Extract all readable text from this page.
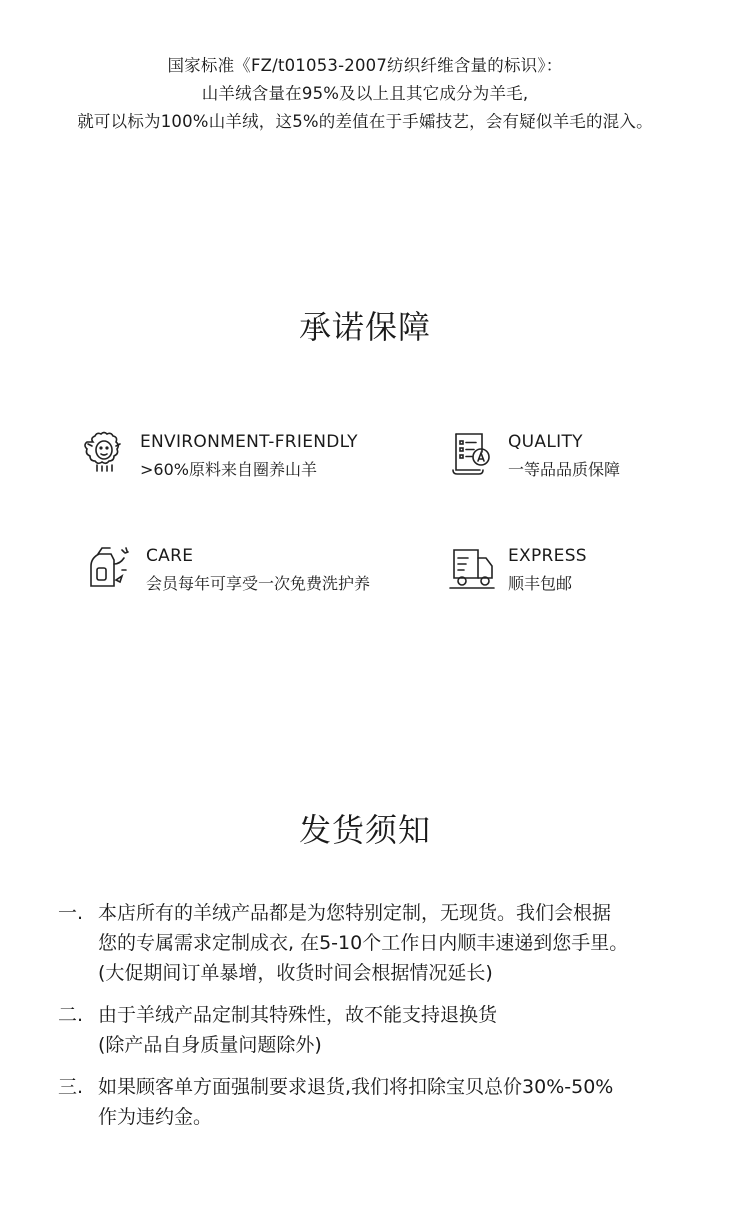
国家标准《FZ/t01053-2007纺织纤维含量的标识》：
山羊绒含量在95%及以上且其它成分为羊毛,
就可以标为100%山羊绒，这5%的差值在于手孀技艺，会有疑似羊毛的混入。
承诺保障
ENVIRONMENT-FRIENDLY
>60%原料来自圈养山羊
QUALITY
一等品品质保障
CARE
会员每年可享受一次免费洗护养
EXPRESS
顺丰包邮
发货须知
一. 本店所有的羊绒产品都是为您特别定制，无现货。我们会根据
您的专属需求定制成衣, 在5-10个工作日内顺丰速递到您手里。
(大促期间订单暴增，收货时间会根据情况延长)
二. 由于羊绒产品定制其特殊性，故不能支持退换货
(除产品自身质量问题除外)
三. 如果顾客单方面强制要求退货,我们将扣除宝贝总价30%-50%
作为违约金。
